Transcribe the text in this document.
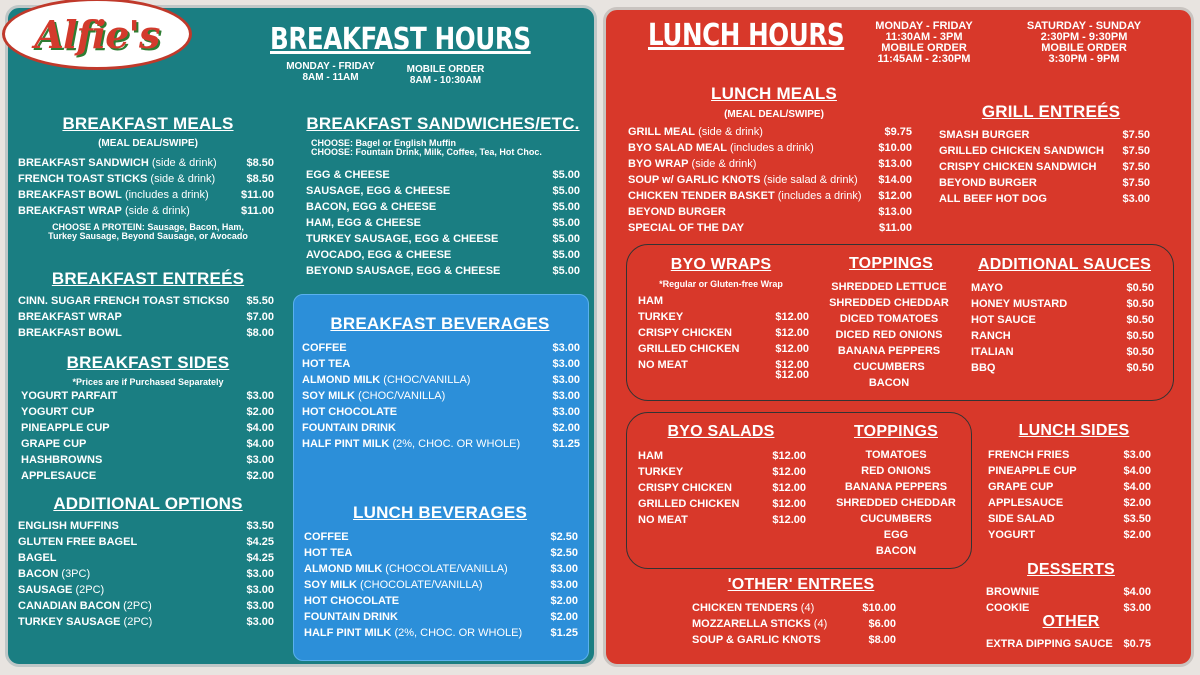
BREAKFAST HOURS
MONDAY - FRIDAY
8AM - 11AM
MOBILE ORDER
8AM - 10:30AM
BREAKFAST MEALS
(MEAL DEAL/SWIPE)
BREAKFAST SANDWICH (side & drink)	$8.50
FRENCH TOAST STICKS (side & drink)	$8.50
BREAKFAST BOWL (includes a drink)	$11.00
BREAKFAST WRAP (side & drink)	$11.00
CHOOSE A PROTEIN: Sausage, Bacon, Ham,
Turkey Sausage, Beyond Sausage, or Avocado
BREAKFAST ENTREÉS
CINN. SUGAR FRENCH TOAST STICKS0	$5.50
BREAKFAST WRAP	$7.00
BREAKFAST BOWL	$8.00
BREAKFAST SIDES
*Prices are if Purchased Separately
YOGURT PARFAIT	$3.00
YOGURT CUP	$2.00
PINEAPPLE CUP	$4.00
GRAPE CUP	$4.00
HASHBROWNS	$3.00
APPLESAUCE	$2.00
ADDITIONAL OPTIONS
ENGLISH MUFFINS	$3.50
GLUTEN FREE BAGEL	$4.25
BAGEL	$4.25
BACON (3PC)	$3.00
SAUSAGE (2PC)	$3.00
CANADIAN BACON (2PC)	$3.00
TURKEY SAUSAGE (2PC)	$3.00
BREAKFAST SANDWICHES/ETC.
CHOOSE: Bagel or English Muffin
CHOOSE: Fountain Drink, Milk, Coffee, Tea, Hot Choc.
EGG & CHEESE	$5.00
SAUSAGE, EGG & CHEESE	$5.00
BACON, EGG & CHEESE	$5.00
HAM, EGG & CHEESE	$5.00
TURKEY SAUSAGE, EGG & CHEESE	$5.00
AVOCADO, EGG & CHEESE	$5.00
BEYOND SAUSAGE, EGG & CHEESE	$5.00
BREAKFAST BEVERAGES
COFFEE	$3.00
HOT TEA	$3.00
ALMOND MILK (CHOC/VANILLA)	$3.00
SOY MILK (CHOC/VANILLA)	$3.00
HOT CHOCOLATE	$3.00
FOUNTAIN DRINK	$2.00
HALF PINT MILK (2%, CHOC. OR WHOLE)	$1.25
LUNCH BEVERAGES
COFFEE	$2.50
HOT TEA	$2.50
ALMOND MILK (CHOCOLATE/VANILLA)	$3.00
SOY MILK (CHOCOLATE/VANILLA)	$3.00
HOT CHOCOLATE	$2.00
FOUNTAIN DRINK	$2.00
HALF PINT MILK (2%, CHOC. OR WHOLE)	$1.25
LUNCH HOURS	MONDAY - FRIDAY
11:30AM - 3PM
MOBILE ORDER
11:45AM - 2:30PM
SATURDAY - SUNDAY
2:30PM - 9:30PM
MOBILE ORDER
3:30PM - 9PM
LUNCH MEALS
(MEAL DEAL/SWIPE)
GRILL MEAL (side & drink)	$9.75
BYO SALAD MEAL (includes a drink)	$10.00
BYO WRAP (side & drink)	$13.00
SOUP w/ GARLIC KNOTS (side salad & drink)	$14.00
CHICKEN TENDER BASKET (includes a drink)	$12.00
BEYOND BURGER	$13.00
SPECIAL OF THE DAY	$11.00
GRILL ENTREÉS
SMASH BURGER	$7.50
GRILLED CHICKEN SANDWICH	$7.50
CRISPY CHICKEN SANDWICH	$7.50
BEYOND BURGER	$7.50
ALL BEEF HOT DOG	$3.00
BYO WRAPS
*Regular or Gluten-free Wrap
HAM
TURKEY	$12.00
CRISPY CHICKEN	$12.00
GRILLED CHICKEN	$12.00
NO MEAT	$12.00
$12.00
TOPPINGS
SHREDDED LETTUCE
SHREDDED CHEDDAR
DICED TOMATOES
DICED RED ONIONS
BANANA PEPPERS
CUCUMBERS
BACON
ADDITIONAL SAUCES
MAYO	$0.50
HONEY MUSTARD	$0.50
HOT SAUCE	$0.50
RANCH	$0.50
ITALIAN	$0.50
BBQ	$0.50
BYO SALADS
HAM	$12.00
TURKEY	$12.00
CRISPY CHICKEN	$12.00
GRILLED CHICKEN	$12.00
NO MEAT	$12.00
TOPPINGS
TOMATOES
RED ONIONS
BANANA PEPPERS
SHREDDED CHEDDAR
CUCUMBERS
EGG
BACON
LUNCH SIDES
FRENCH FRIES	$3.00
PINEAPPLE CUP	$4.00
GRAPE CUP	$4.00
APPLESAUCE	$2.00
SIDE SALAD	$3.50
YOGURT	$2.00
'OTHER' ENTREES
CHICKEN TENDERS (4)	$10.00
MOZZARELLA STICKS (4)	$6.00
SOUP & GARLIC KNOTS	$8.00
DESSERTS
BROWNIE	$4.00
COOKIE	$3.00
OTHER
EXTRA DIPPING SAUCE $0.75
Alfie's
